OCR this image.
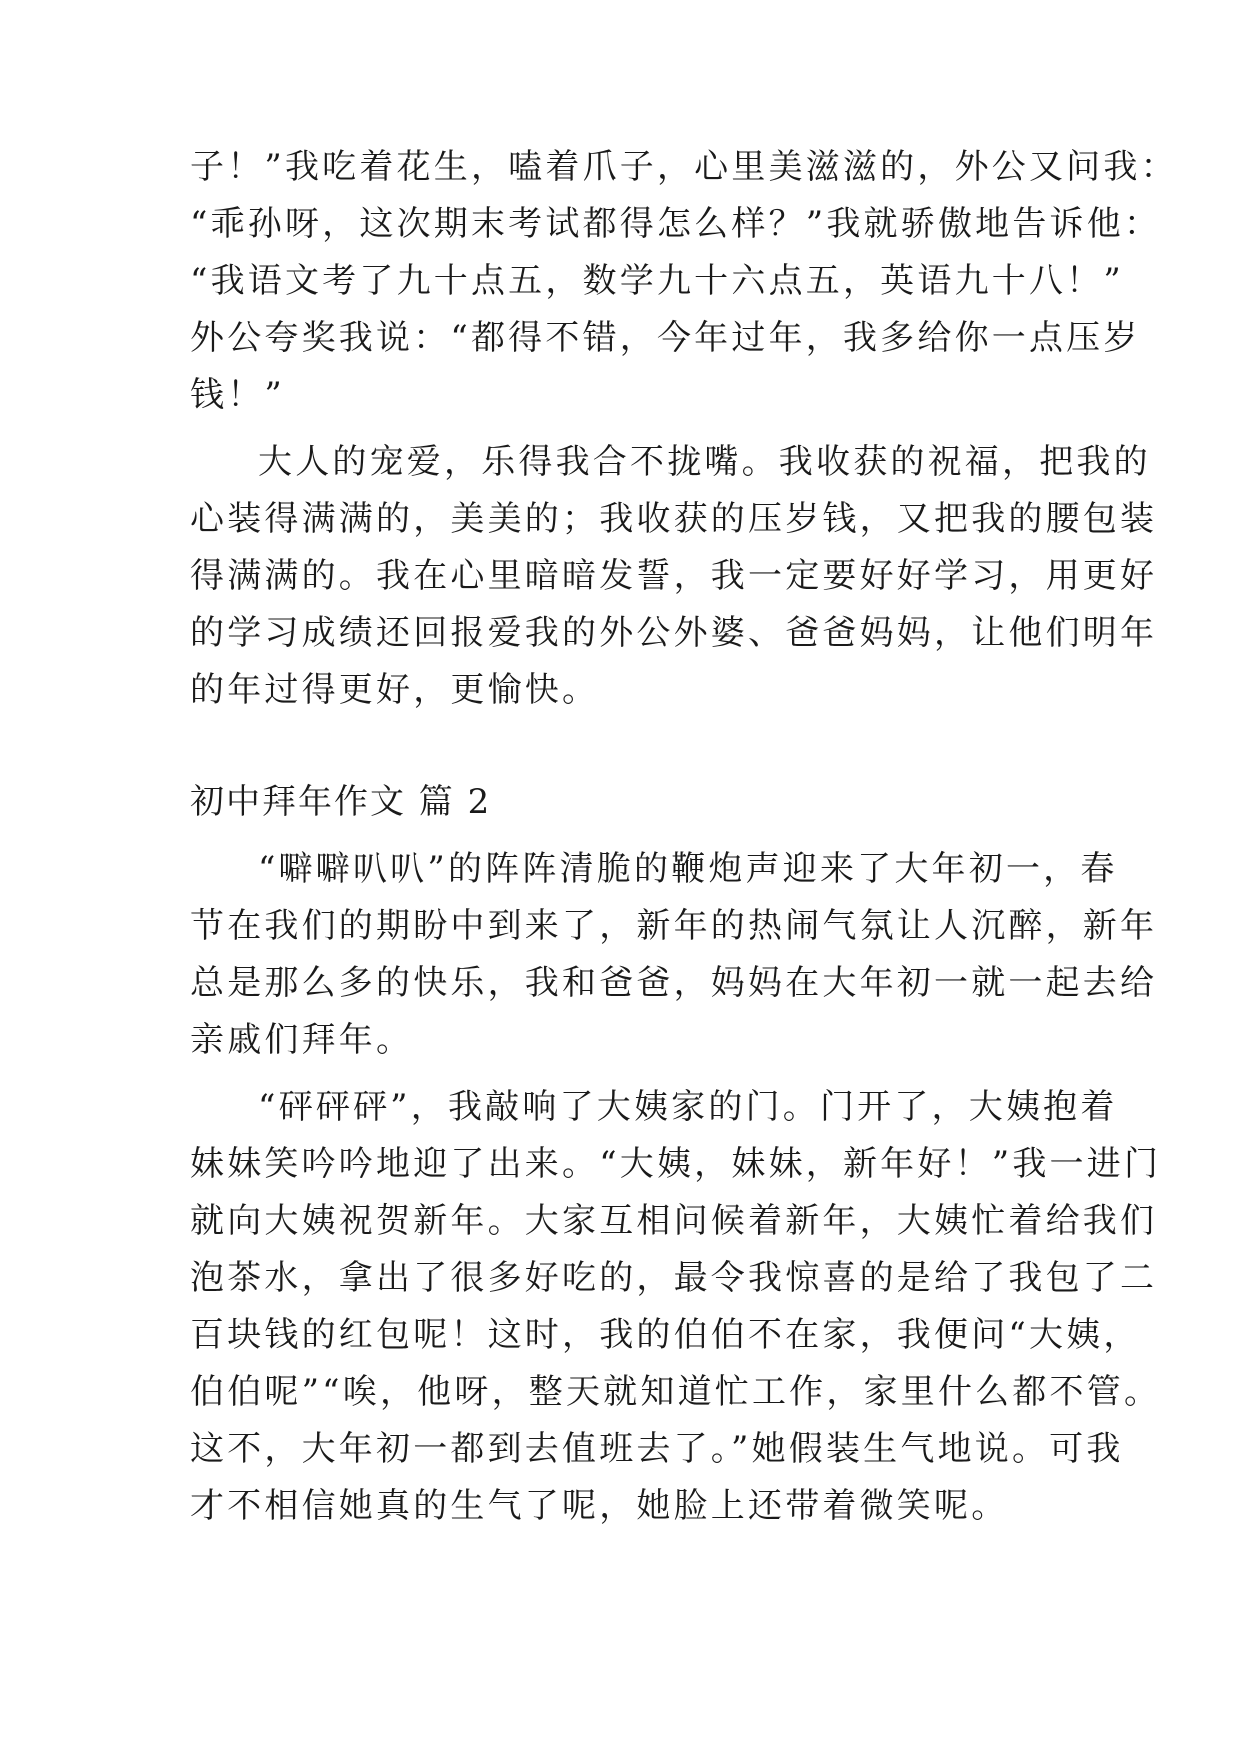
子！”我吃着花生，嗑着爪子，心里美滋滋的，外公又问我：
“乖孙呀，这次期末考试都得怎么样？”我就骄傲地告诉他：
“我语文考了九十点五，数学九十六点五，英语九十八！”
外公夸奖我说：“都得不错，今年过年，我多给你一点压岁
钱！”
大人的宠爱，乐得我合不拢嘴。我收获的祝福，把我的
心装得满满的，美美的；我收获的压岁钱，又把我的腰包装
得满满的。我在心里暗暗发誓，我一定要好好学习，用更好
的学习成绩还回报爱我的外公外婆、爸爸妈妈，让他们明年
的年过得更好，更愉快。
初中拜年作文 篇 2
“噼噼叭叭”的阵阵清脆的鞭炮声迎来了大年初一，春
节在我们的期盼中到来了，新年的热闹气氛让人沉醉，新年
总是那么多的快乐，我和爸爸，妈妈在大年初一就一起去给
亲戚们拜年。
“砰砰砰”，我敲响了大姨家的门。门开了，大姨抱着
妹妹笑吟吟地迎了出来。“大姨，妹妹，新年好！”我一进门
就向大姨祝贺新年。大家互相问候着新年，大姨忙着给我们
泡茶水，拿出了很多好吃的，最令我惊喜的是给了我包了二
百块钱的红包呢！这时，我的伯伯不在家，我便问“大姨，
伯伯呢”“唉，他呀，整天就知道忙工作，家里什么都不管。
这不，大年初一都到去值班去了。”她假装生气地说。可我
才不相信她真的生气了呢，她脸上还带着微笑呢。
